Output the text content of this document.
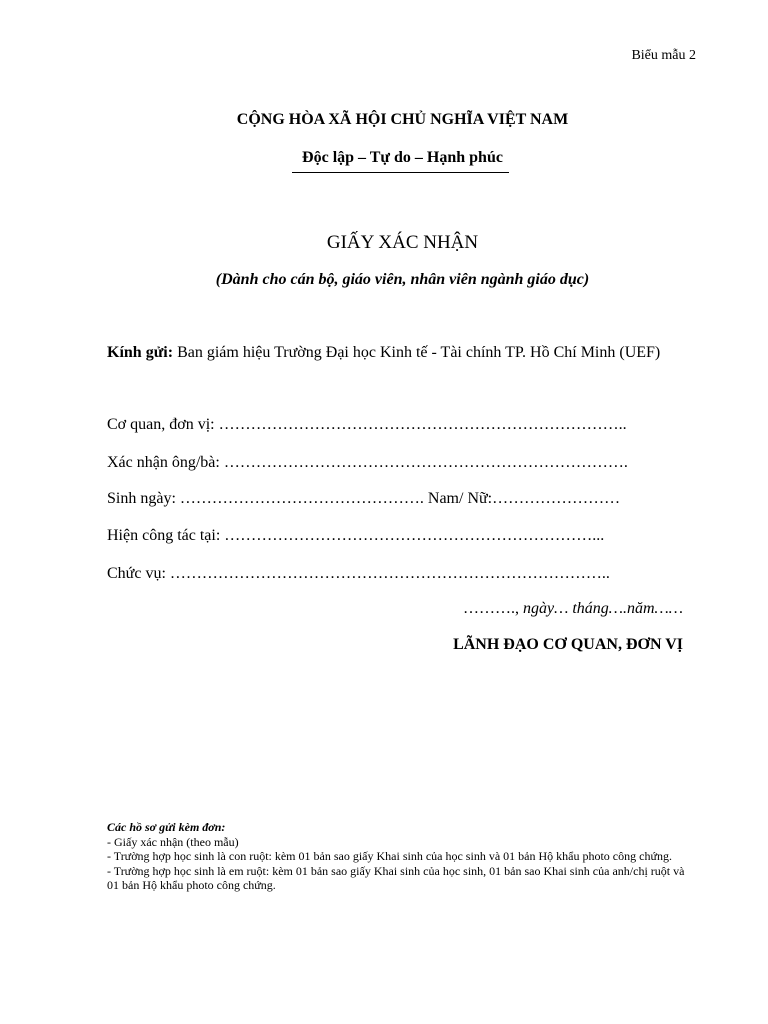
Biểu mẫu 2
CỘNG HÒA XÃ HỘI CHỦ NGHĨA VIỆT NAM
Độc lập – Tự do – Hạnh phúc
GIẤY XÁC NHẬN
(Dành cho cán bộ, giáo viên, nhân viên ngành giáo dục)
Kính gửi: Ban giám hiệu Trường Đại học Kinh tế - Tài chính TP. Hồ Chí Minh (UEF)
Cơ quan, đơn vị: …………………………………………………………………..
Xác nhận ông/bà: ………………………………………………………………….
Sinh ngày: ………………………………………. Nam/ Nữ:……………………
Hiện công tác tại: ……………………………………………………………...
Chức vụ: ………………………………………………………………………..
………., ngày… tháng….năm……
LÃNH ĐẠO CƠ QUAN, ĐƠN VỊ
Các hồ sơ gửi kèm đơn:
- Giấy xác nhận (theo mẫu)
- Trường hợp học sinh là con ruột: kèm 01 bản sao giấy Khai sinh của học sinh và 01 bản Hộ khẩu photo công chứng.
- Trường hợp học sinh là em ruột: kèm 01 bản sao giấy Khai sinh của học sinh, 01 bản sao Khai sinh của anh/chị ruột và 01 bản Hộ khẩu photo công chứng.
